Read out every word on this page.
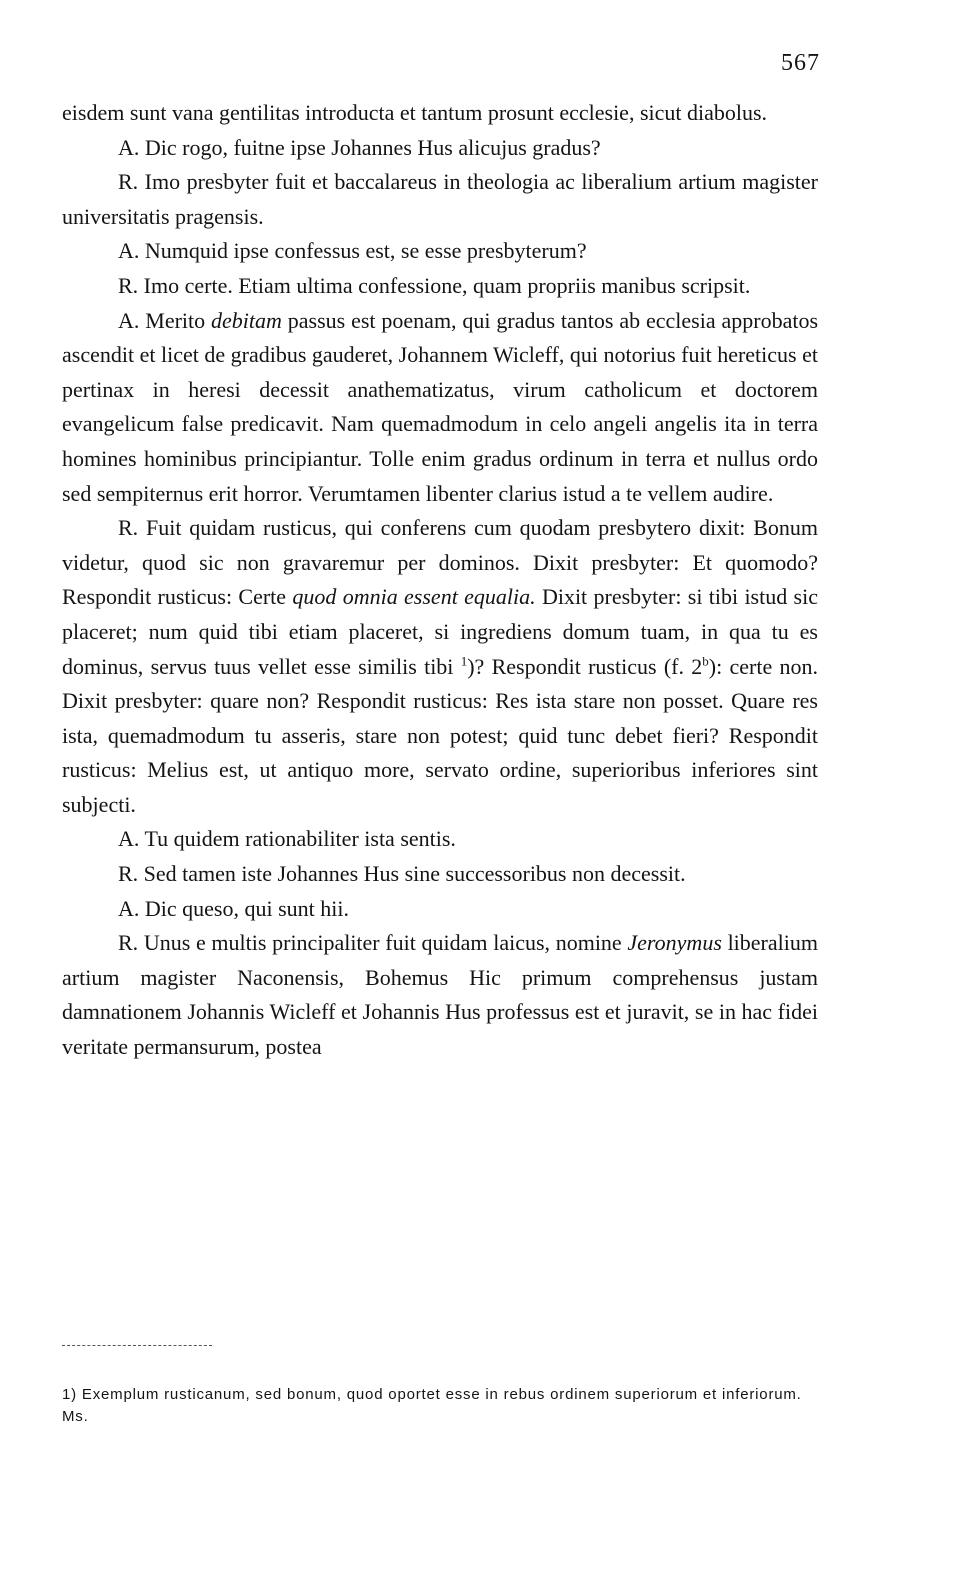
567

eisdem sunt vana gentilitas introducta et tantum prosunt ecclesie, sicut diabolus.

A. Dic rogo, fuitne ipse Johannes Hus alicujus gradus?

R. Imo presbyter fuit et baccalareus in theologia ac liberalium artium magister universitatis pragensis.

A. Numquid ipse confessus est, se esse presbyterum?

R. Imo certe. Etiam ultima confessione, quam propriis manibus scripsit.

A. Merito debitam passus est poenam, qui gradus tantos ab ecclesia approbatos ascendit et licet de gradibus gauderet, Johannem Wicleff, qui notorius fuit hereticus et pertinax in heresi decessit anathematizatus, virum catholicum et doctorem evangelicum false predicavit. Nam quemadmodum in celo angeli angelis ita in terra homines hominibus principiantur. Tolle enim gradus ordinum in terra et nullus ordo sed sempiternus erit horror. Verumtamen libenter clarius istud a te vellem audire.

R. Fuit quidam rusticus, qui conferens cum quodam presbytero dixit: Bonum videtur, quod sic non gravaremur per dominos. Dixit presbyter: Et quomodo? Respondit rusticus: Certe quod omnia essent equalia. Dixit presbyter: si tibi istud sic placeret; num quid tibi etiam placeret, si ingrediens domum tuam, in qua tu es dominus, servus tuus vellet esse similis tibi $^1$)? Respondit rusticus (f. 2$^b$): certe non. Dixit presbyter: quare non? Respondit rusticus: Res ista stare non posset. Quare res ista, quemadmodum tu asseris, stare non potest; quid tunc debet fieri? Respondit rusticus: Melius est, ut antiquo more, servato ordine, superioribus inferiores sint subjecti.

A. Tu quidem rationabiliter ista sentis.

R. Sed tamen iste Johannes Hus sine successoribus non decessit.

A. Dic queso, qui sunt hii.

R. Unus e multis principaliter fuit quidam laicus, nomine Jeronymus liberalium artium magister Naconensis, Bohemus Hic primum comprehensus justam damnationem Johannis Wicleff et Johannis Hus professus est et juravit, se in hac fidei veritate permansurum, postea

1) Exemplum rusticanum, sed bonum, quod oportet esse in rebus ordinem superiorum et inferiorum. Ms.
